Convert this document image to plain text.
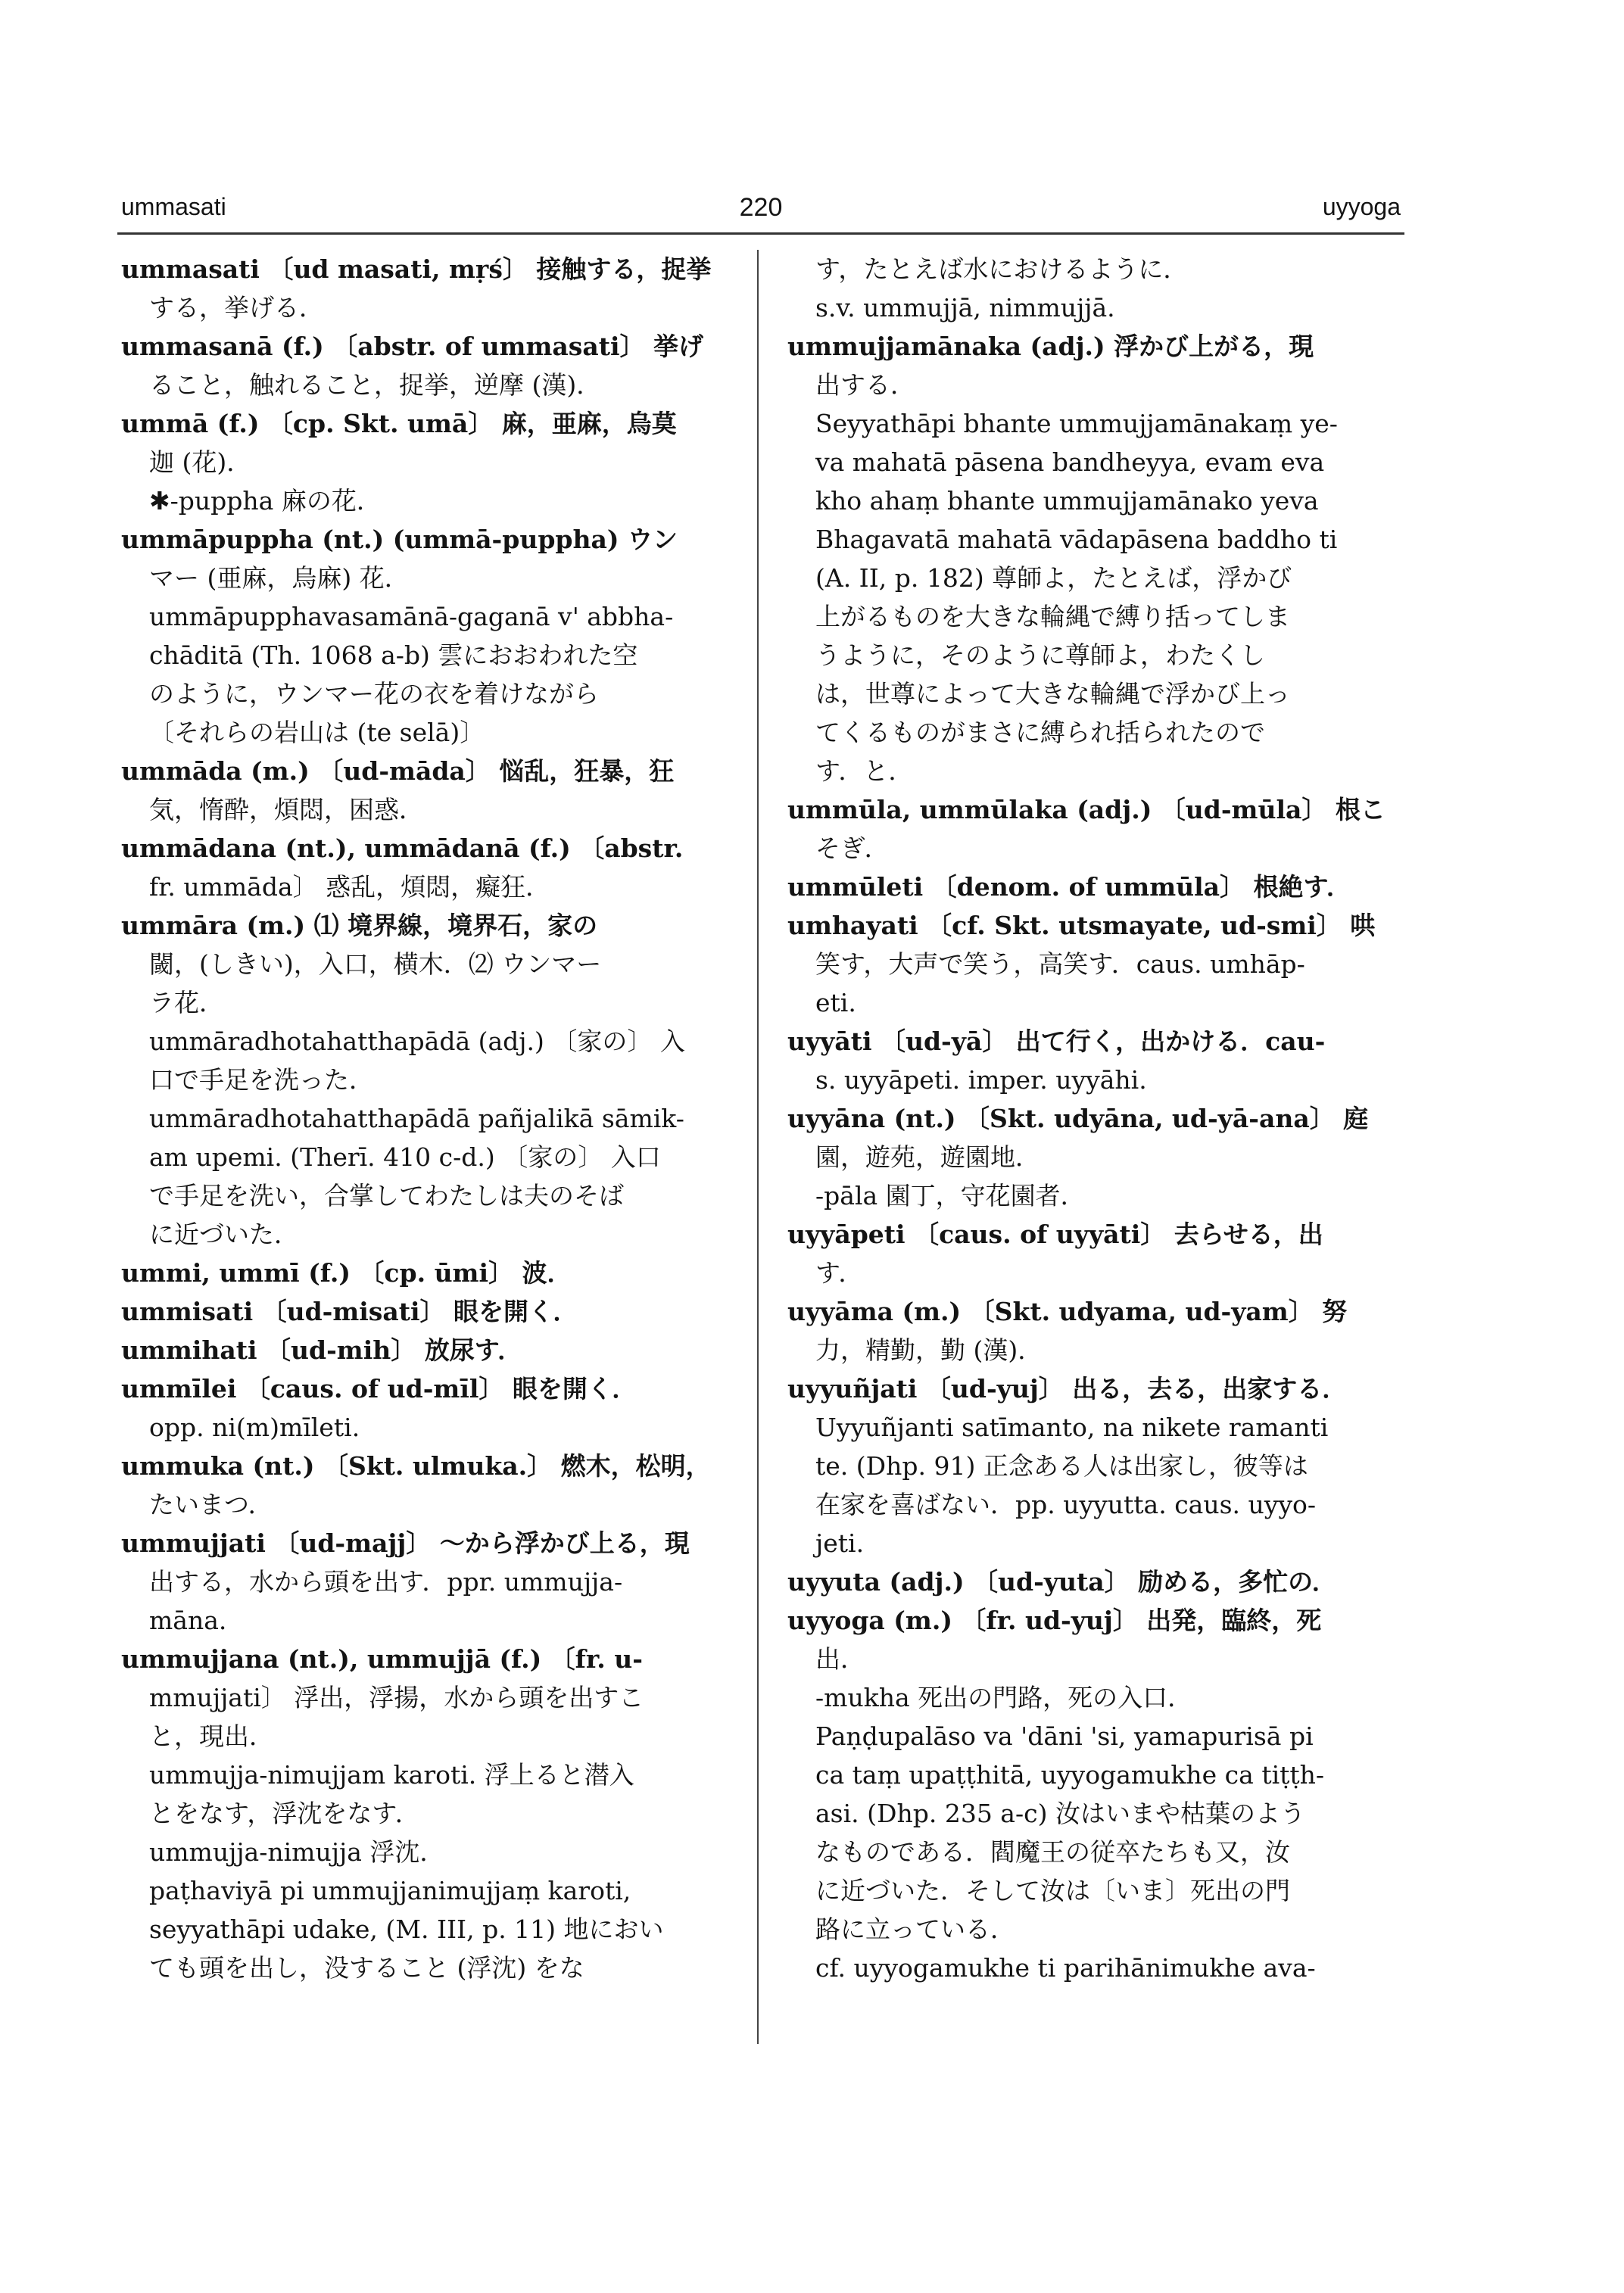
ummasati	220	uyyoga
ummasati 〔ud masati, mṛś〕 接触する，捉挙
する，挙げる．
ummasanā (f.) 〔abstr. of ummasati〕 挙げ
ること，触れること，捉挙，逆摩 (漢)．
ummā (f.) 〔cp. Skt. umā〕 麻，亜麻，烏莫
迦 (花)．
✱-puppha 麻の花．
ummāpuppha (nt.) (ummā-puppha) ウン
マー (亜麻，烏麻) 花．
ummāpupphavasamānā-gaganā v' abbha-
chāditā (Th. 1068 a-b) 雲におおわれた空
のように，ウンマー花の衣を着けながら
〔それらの岩山は (te selā)〕
ummāda (m.) 〔ud-māda〕 悩乱，狂暴，狂
気，惰酔，煩悶，困惑．
ummādana (nt.), ummādanā (f.) 〔abstr.
fr. ummāda〕 惑乱，煩悶，癡狂．
ummāra (m.) ⑴ 境界線，境界石，家の
閾，(しきい)，入口，横木．⑵ ウンマー
ラ花．
ummāradhotahatthapādā (adj.) 〔家の〕 入
口で手足を洗った．
ummāradhotahatthapādā pañjalikā sāmik-
am upemi. (Therī. 410 c-d.) 〔家の〕 入口
で手足を洗い，合掌してわたしは夫のそば
に近づいた．
ummi, ummī (f.) 〔cp. ūmi〕 波．
ummisati 〔ud-misati〕 眼を開く．
ummihati 〔ud-mih〕 放尿す．
ummīlei 〔caus. of ud-mīl〕 眼を開く．
opp. ni(m)mīleti.
ummuka (nt.) 〔Skt. ulmuka.〕 燃木，松明，
たいまつ．
ummujjati 〔ud-majj〕 〜から浮かび上る，現
出する，水から頭を出す．ppr. ummujja-
māna.
ummujjana (nt.), ummujjā (f.) 〔fr. u-
mmujjati〕 浮出，浮揚，水から頭を出すこ
と，現出．
ummujja-nimujjam karoti. 浮上ると潜入
とをなす，浮沈をなす．
ummujja-nimujja 浮沈．
paṭhaviyā pi ummujjanimujjaṃ karoti,
seyyathāpi udake, (M. III, p. 11) 地におい
ても頭を出し，没すること (浮沈) をな
す，たとえば水におけるように．
s.v. ummujjā, nimmujjā.
ummujjamānaka (adj.) 浮かび上がる，現
出する．
Seyyathāpi bhante ummujjamānakaṃ ye-
va mahatā pāsena bandheyya, evam eva
kho ahaṃ bhante ummujjamānako yeva
Bhagavatā mahatā vādapāsena baddho ti
(A. II, p. 182) 尊師よ，たとえば，浮かび
上がるものを大きな輪縄で縛り括ってしま
うように，そのように尊師よ，わたくし
は，世尊によって大きな輪縄で浮かび上っ
てくるものがまさに縛られ括られたので
す．と．
ummūla, ummūlaka (adj.) 〔ud-mūla〕 根こ
そぎ．
ummūleti 〔denom. of ummūla〕 根絶す．
umhayati 〔cf. Skt. utsmayate, ud-smi〕 哄
笑す，大声で笑う，高笑す．caus. umhāp-
eti.
uyyāti 〔ud-yā〕 出て行く，出かける．cau-
s. uyyāpeti. imper. uyyāhi.
uyyāna (nt.) 〔Skt. udyāna, ud-yā-ana〕 庭
園，遊苑，遊園地．
-pāla 園丁，守花園者．
uyyāpeti 〔caus. of uyyāti〕 去らせる，出
す．
uyyāma (m.) 〔Skt. udyama, ud-yam〕 努
力，精勤，勤 (漢)．
uyyuñjati 〔ud-yuj〕 出る，去る，出家する．
Uyyuñjanti satīmanto, na nikete ramanti
te. (Dhp. 91) 正念ある人は出家し，彼等は
在家を喜ばない．pp. uyyutta. caus. uyyo-
jeti.
uyyuta (adj.) 〔ud-yuta〕 励める，多忙の．
uyyoga (m.) 〔fr. ud-yuj〕 出発，臨終，死
出．
-mukha 死出の門路，死の入口．
Paṇḍupalāso va 'dāni 'si, yamapurisā pi
ca taṃ upaṭṭhitā, uyyogamukhe ca tiṭṭh-
asi. (Dhp. 235 a-c) 汝はいまや枯葉のよう
なものである．閻魔王の従卒たちも又，汝
に近づいた．そして汝は〔いま〕死出の門
路に立っている．
cf. uyyogamukhe ti parihānimukhe ava-
